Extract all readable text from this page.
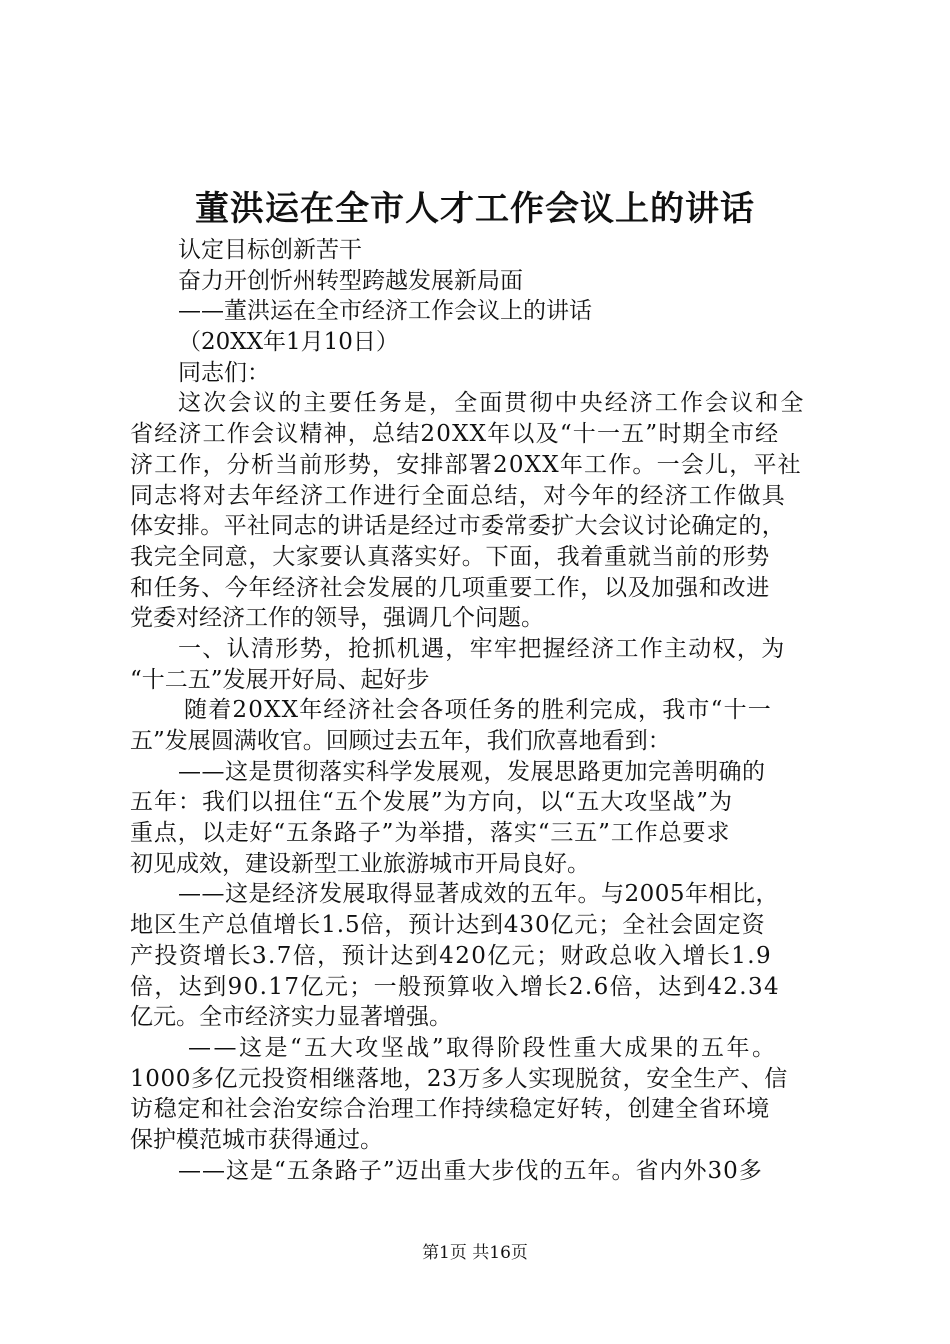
董洪运在全市人才工作会议上的讲话
认定目标创新苦干
奋力开创忻州转型跨越发展新局面
——董洪运在全市经济工作会议上的讲话
（20XX年1月10日）
同志们：
这次会议的主要任务是，全面贯彻中央经济工作会议和全
省经济工作会议精神，总结20XX年以及“十一五”时期全市经
济工作，分析当前形势，安排部署20XX年工作。一会儿，平社
同志将对去年经济工作进行全面总结，对今年的经济工作做具
体安排。平社同志的讲话是经过市委常委扩大会议讨论确定的，
我完全同意，大家要认真落实好。下面，我着重就当前的形势
和任务、今年经济社会发展的几项重要工作，以及加强和改进
党委对经济工作的领导，强调几个问题。
一、认清形势，抢抓机遇，牢牢把握经济工作主动权，为
“十二五”发展开好局、起好步
随着20XX年经济社会各项任务的胜利完成，我市“十一
五”发展圆满收官。回顾过去五年，我们欣喜地看到：
——这是贯彻落实科学发展观，发展思路更加完善明确的
五年：我们以扭住“五个发展”为方向，以“五大攻坚战”为
重点，以走好“五条路子”为举措，落实“三五”工作总要求
初见成效，建设新型工业旅游城市开局良好。
——这是经济发展取得显著成效的五年。与2005年相比，
地区生产总值增长1.5倍，预计达到430亿元；全社会固定资
产投资增长3.7倍，预计达到420亿元；财政总收入增长1.9
倍，达到90.17亿元；一般预算收入增长2.6倍，达到42.34
亿元。全市经济实力显著增强。
——这是“五大攻坚战”取得阶段性重大成果的五年。
1000多亿元投资相继落地，23万多人实现脱贫，安全生产、信
访稳定和社会治安综合治理工作持续稳定好转，创建全省环境
保护模范城市获得通过。
——这是“五条路子”迈出重大步伐的五年。省内外30多
第1页 共16页
